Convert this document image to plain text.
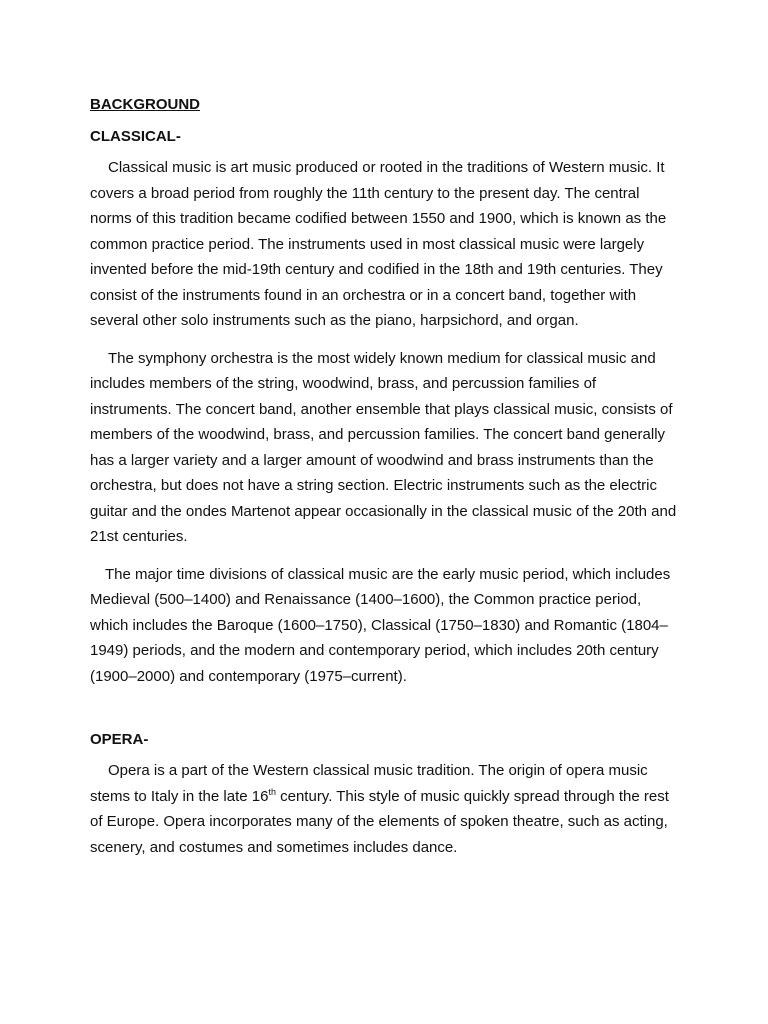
BACKGROUND
CLASSICAL-

Classical music is art music produced or rooted in the traditions of Western music. It covers a broad period from roughly the 11th century to the present day. The central norms of this tradition became codified between 1550 and 1900, which is known as the common practice period. The instruments used in most classical music were largely invented before the mid-19th century and codified in the 18th and 19th centuries. They consist of the instruments found in an orchestra or in a concert band, together with several other solo instruments such as the piano, harpsichord, and organ.

The symphony orchestra is the most widely known medium for classical music and includes members of the string, woodwind, brass, and percussion families of instruments. The concert band, another ensemble that plays classical music, consists of members of the woodwind, brass, and percussion families. The concert band generally has a larger variety and a larger amount of woodwind and brass instruments than the orchestra, but does not have a string section. Electric instruments such as the electric guitar and the ondes Martenot appear occasionally in the classical music of the 20th and 21st centuries.

The major time divisions of classical music are the early music period, which includes Medieval (500–1400) and Renaissance (1400–1600), the Common practice period, which includes the Baroque (1600–1750), Classical (1750–1830) and Romantic (1804–1949) periods, and the modern and contemporary period, which includes 20th century (1900–2000) and contemporary (1975–current).

OPERA-

Opera is a part of the Western classical music tradition. The origin of opera music stems to Italy in the late 16th century. This style of music quickly spread through the rest of Europe. Opera incorporates many of the elements of spoken theatre, such as acting, scenery, and costumes and sometimes includes dance.
